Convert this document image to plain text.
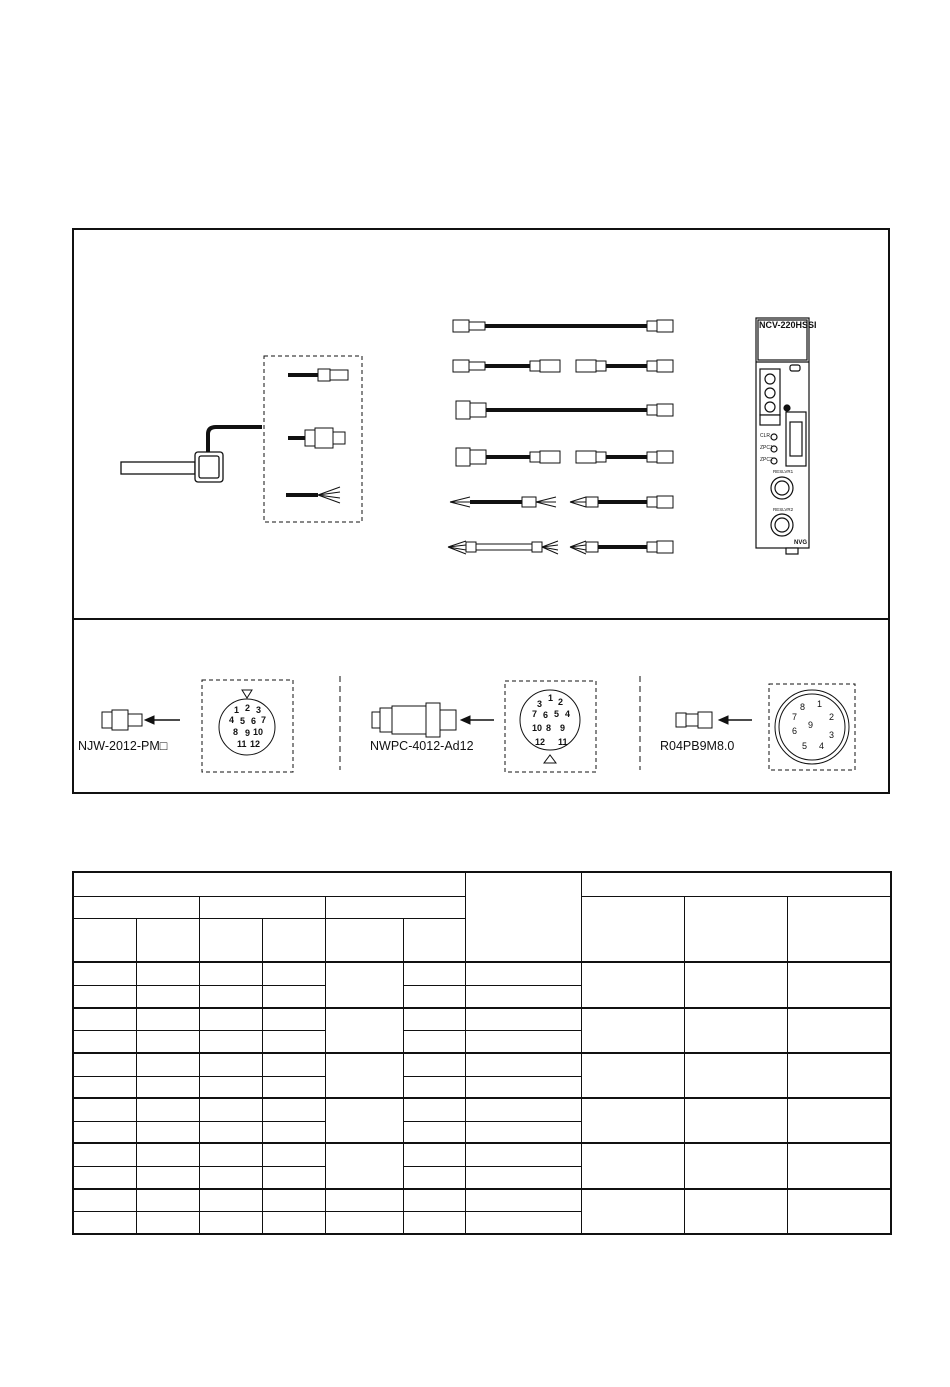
NCV-220HSSI
CLR
ZPC1
ZPC2
RESLVR1
RESLVR2
NVG
NJW-2012-PM□	NWPC-4012-Ad12	R04PB9M8.0
1 2 3
4 5 6 7
8 9 10
11 12
1 2
3
4
5
6
7
8 9
10
11
12
1
2
3
4
5
6
7
8
9
